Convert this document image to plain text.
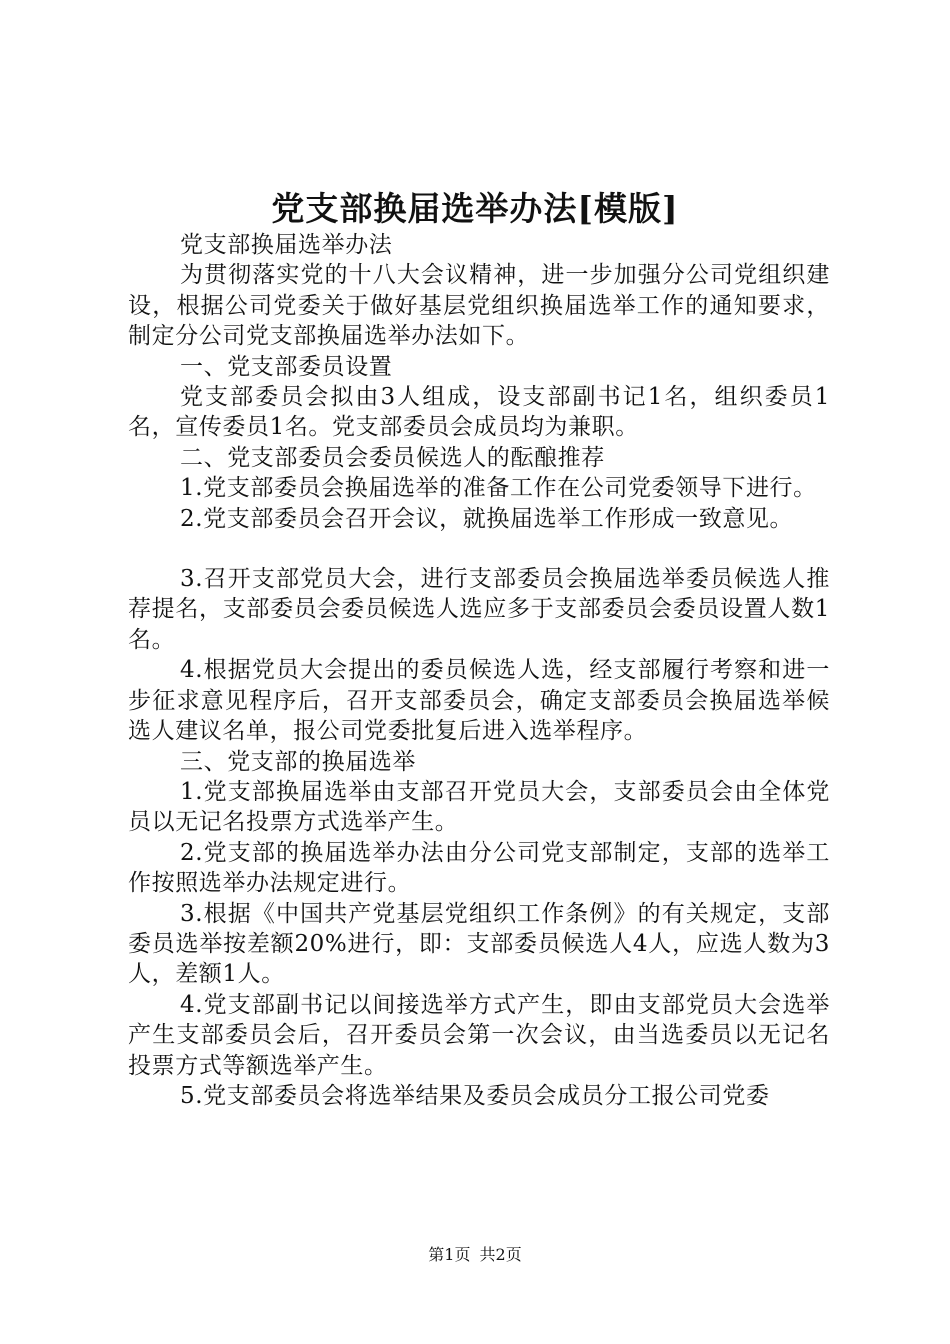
党支部换届选举办法[模版]

党支部换届选举办法

为贯彻落实党的十八大会议精神，进一步加强分公司党组织建设，根据公司党委关于做好基层党组织换届选举工作的通知要求，制定分公司党支部换届选举办法如下。

一、党支部委员设置

党支部委员会拟由3人组成，设支部副书记1名，组织委员1名，宣传委员1名。党支部委员会成员均为兼职。

二、党支部委员会委员候选人的酝酿推荐

1.党支部委员会换届选举的准备工作在公司党委领导下进行。

2.党支部委员会召开会议，就换届选举工作形成一致意见。

3.召开支部党员大会，进行支部委员会换届选举委员候选人推荐提名，支部委员会委员候选人选应多于支部委员会委员设置人数1名。

4.根据党员大会提出的委员候选人选，经支部履行考察和进一步征求意见程序后，召开支部委员会，确定支部委员会换届选举候选人建议名单，报公司党委批复后进入选举程序。

三、党支部的换届选举

1.党支部换届选举由支部召开党员大会，支部委员会由全体党员以无记名投票方式选举产生。

2.党支部的换届选举办法由分公司党支部制定，支部的选举工作按照选举办法规定进行。

3.根据《中国共产党基层党组织工作条例》的有关规定，支部委员选举按差额20%进行，即：支部委员候选人4人，应选人数为3人，差额1人。

4.党支部副书记以间接选举方式产生，即由支部党员大会选举产生支部委员会后，召开委员会第一次会议，由当选委员以无记名投票方式等额选举产生。

5.党支部委员会将选举结果及委员会成员分工报公司党委

第1页 共2页
